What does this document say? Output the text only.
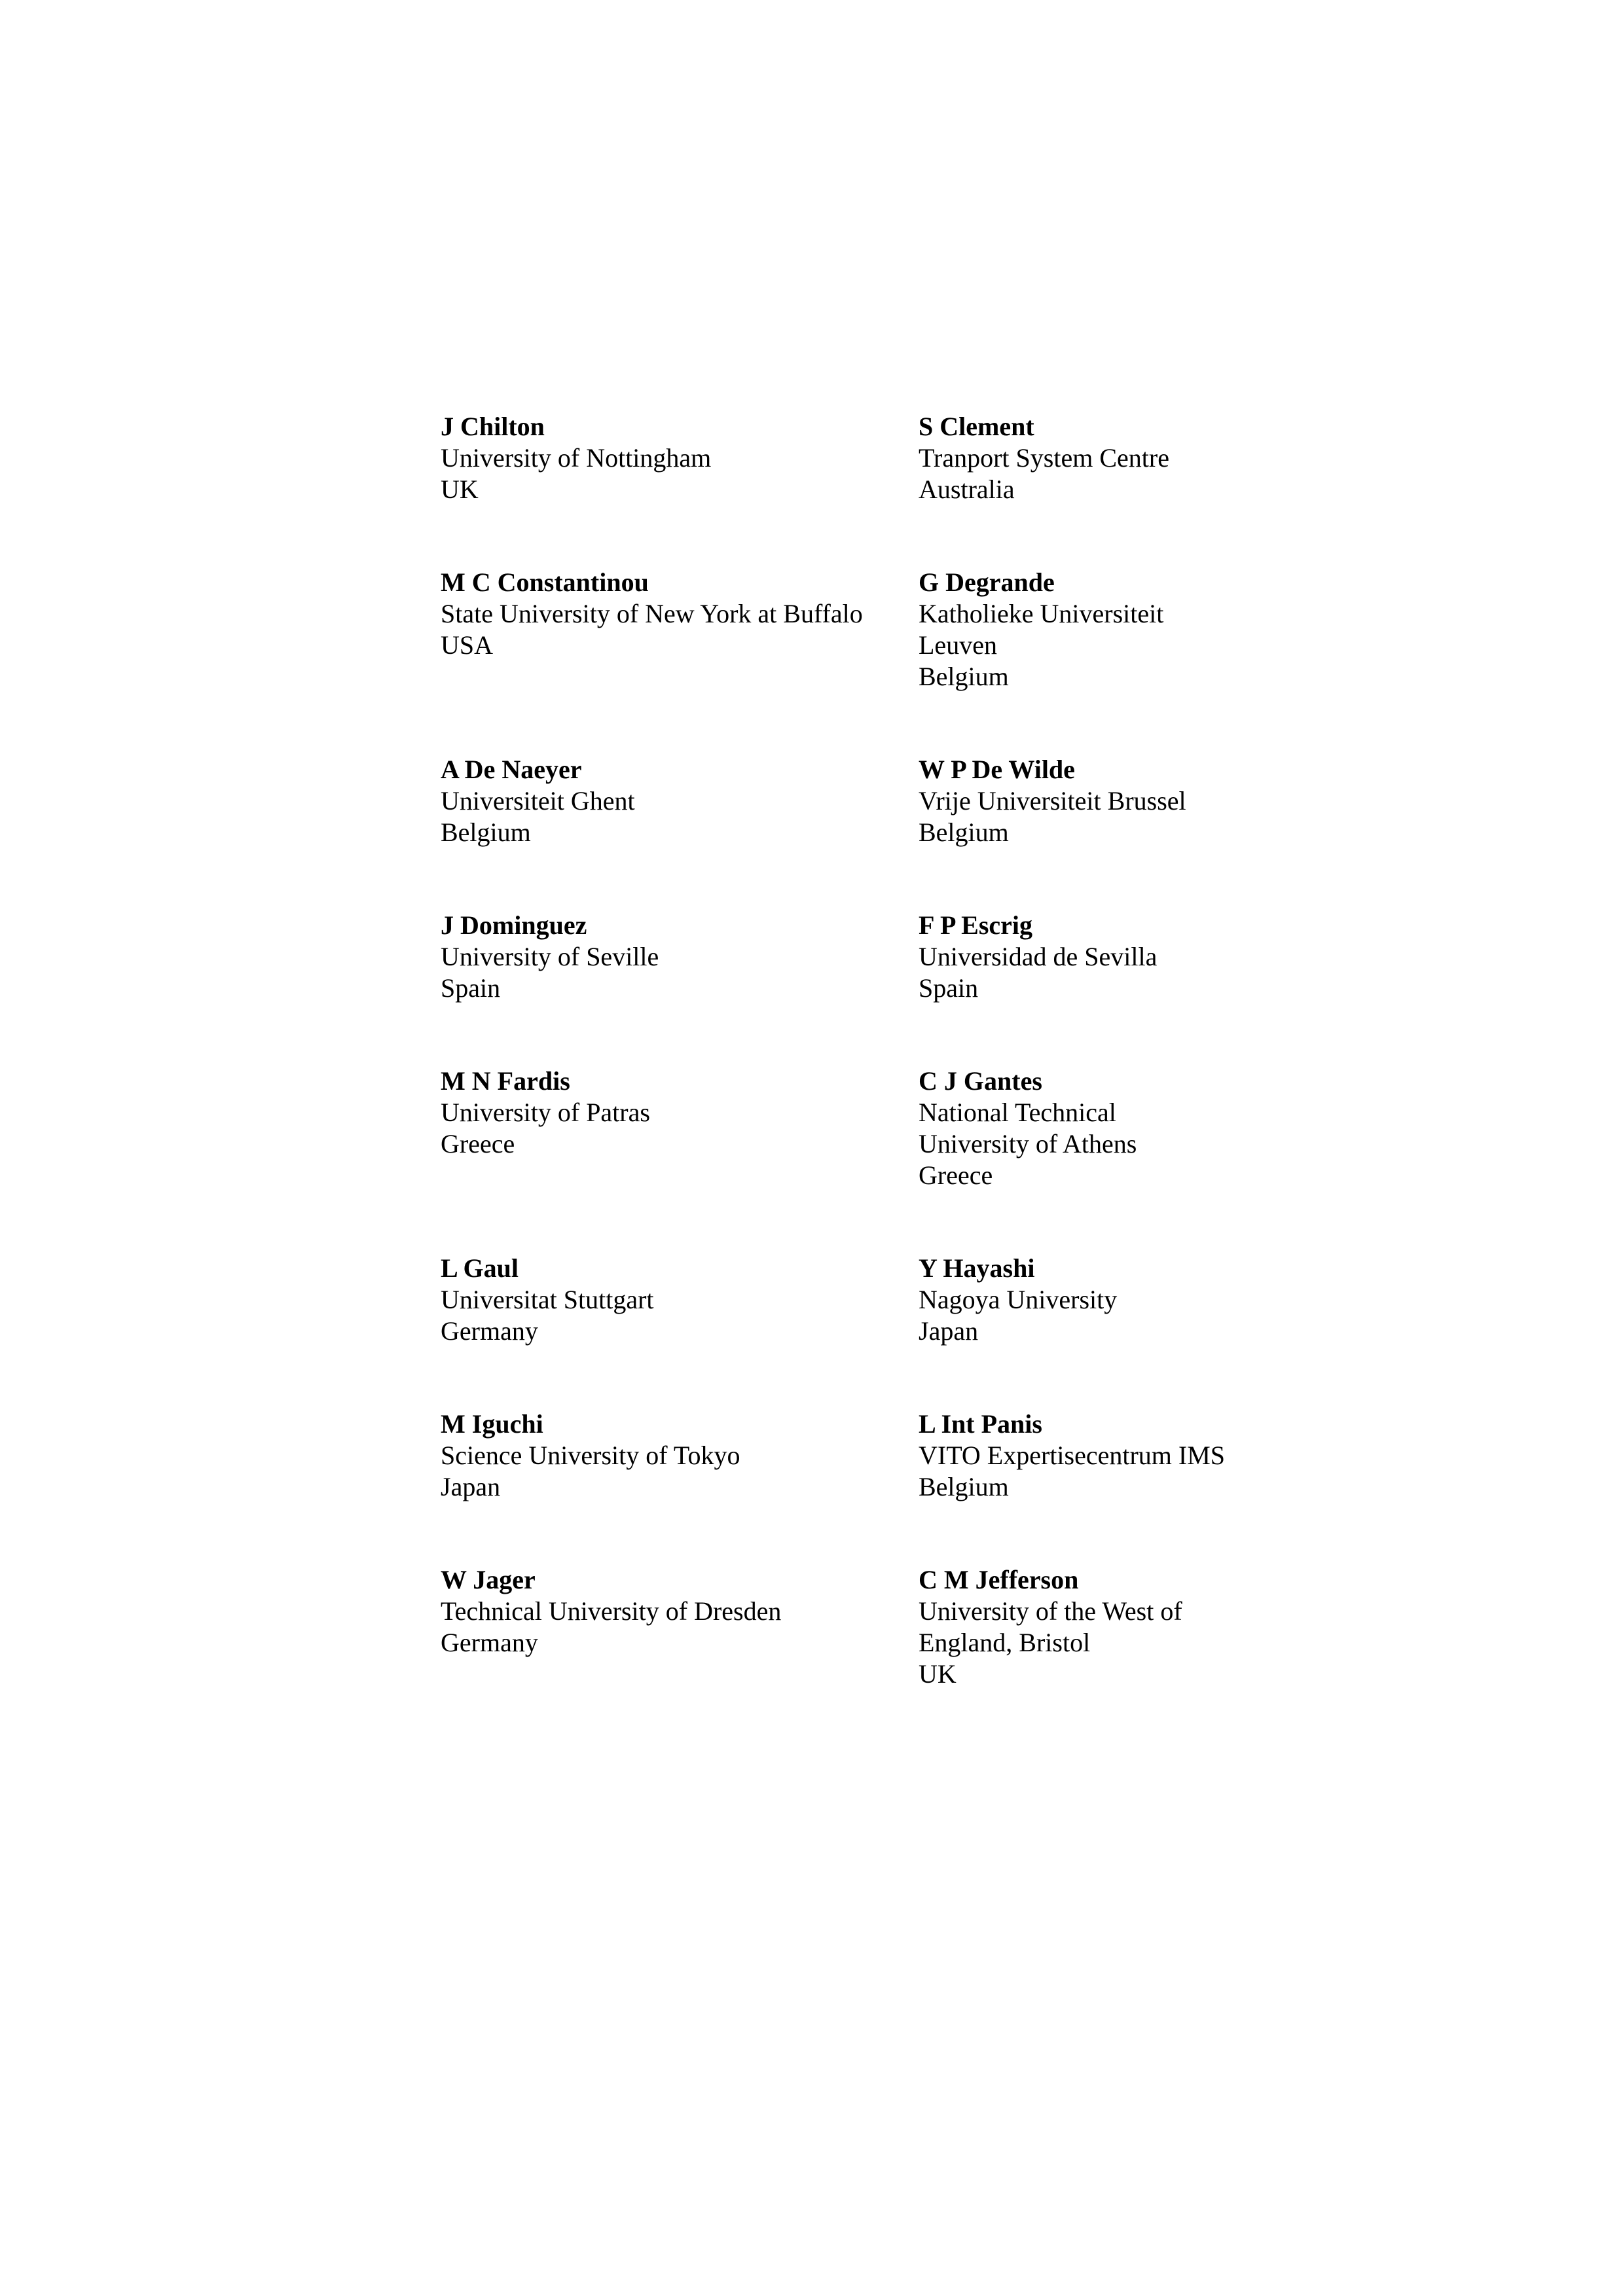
J Chilton
University of Nottingham
UK
S Clement
Tranport System Centre
Australia
M C Constantinou
State University of New York at Buffalo
USA
G Degrande
Katholieke Universiteit
Leuven
Belgium
A De Naeyer
Universiteit Ghent
Belgium
W P De Wilde
Vrije Universiteit Brussel
Belgium
J Dominguez
University of Seville
Spain
F P Escrig
Universidad de Sevilla
Spain
M N Fardis
University of Patras
Greece
C J Gantes
National Technical
University of Athens
Greece
L Gaul
Universitat Stuttgart
Germany
Y Hayashi
Nagoya University
Japan
M Iguchi
Science University of Tokyo
Japan
L Int Panis
VITO Expertisecentrum IMS
Belgium
W Jager
Technical University of Dresden
Germany
C M Jefferson
University of the West of
England, Bristol
UK
